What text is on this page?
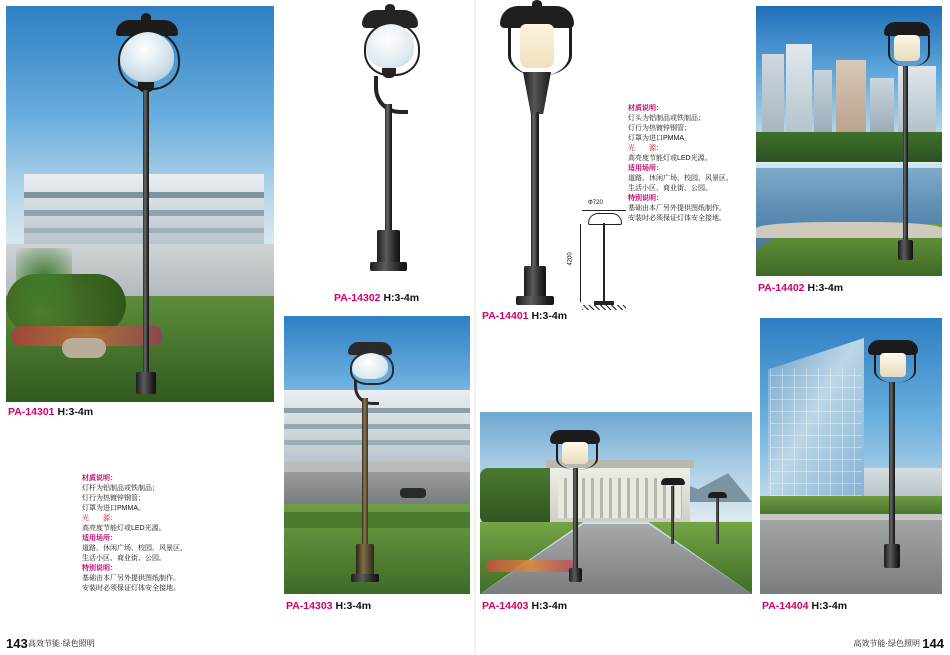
PA-14301 H:3-4m
PA-14302 H:3-4m
PA-14401 H:3-4m
Φ720
4200
材质说明：
灯头为铝制品或铁制品；
灯行为热镀锌钢管；
灯罩为进口PMMA。
光　　源：
高亮度节能灯或LED光源。
适用场所：
道路、休闲广场、校园、风景区、
生活小区、商业街、公园。
特别说明：
基础由本厂另外提供图纸制作。
安装时必须保证灯体安全接地。
PA-14402 H:3-4m
材质说明：
灯杆为铝制品或铁制品；
灯行为热镀锌钢管；
灯罩为进口PMMA。
光　　源：
高亮度节能灯或LED光源。
适用场所：
道路、休闲广场、校园、风景区、
生活小区、商业街、公园。
特别说明：
基础由本厂另外提供图纸制作。
安装时必须保证灯体安全接地。
PA-14303 H:3-4m	PA-14403 H:3-4m	PA-14404 H:3-4m
143 高效节能·绿色照明	高效节能·绿色照明 144
